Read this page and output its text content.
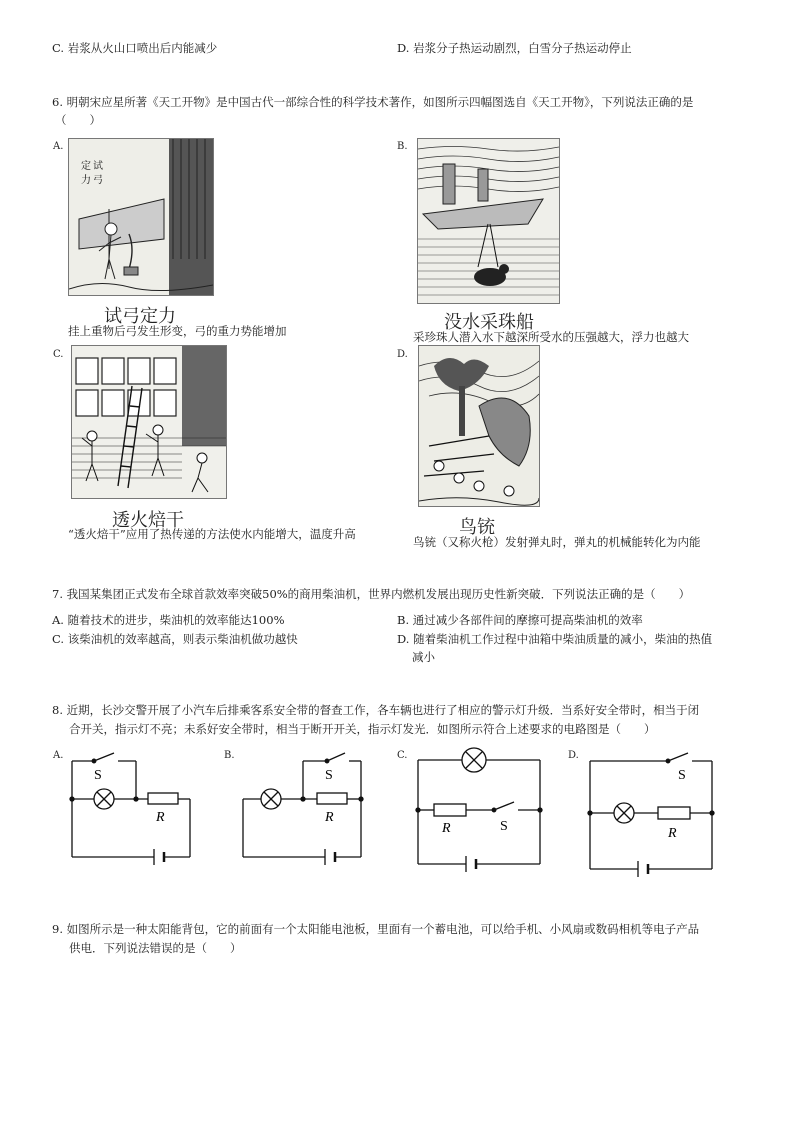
C. 岩浆从火山口喷出后内能减少	D. 岩浆分子热运动剧烈，白雪分子热运动停止
6. 明朝宋应星所著《天工开物》是中国古代一部综合性的科学技术著作，如图所示四幅图选自《天工开物》，下列说法正确的是
（　　）
A.
定
力
试
弓
试弓定力
挂上重物后弓发生形变，弓的重力势能增加
B.
没水采珠船
采珍珠人潜入水下越深所受水的压强越大，浮力也越大
C.
透火焙干
“透火焙干”应用了热传递的方法使水内能增大，温度升高
D.
鸟铳
鸟铳（又称火枪）发射弹丸时，弹丸的机械能转化为内能
7. 我国某集团正式发布全球首款效率突破50%的商用柴油机，世界内燃机发展出现历史性新突破．下列说法正确的是（　　）
A. 随着技术的进步，柴油机的效率能达100%	B. 通过减少各部件间的摩擦可提高柴油机的效率
C. 该柴油机的效率越高，则表示柴油机做功越快	D. 随着柴油机工作过程中油箱中柴油质量的减小，柴油的热值
减小
8. 近期，长沙交警开展了小汽车后排乘客系安全带的督查工作，各车辆也进行了相应的警示灯升级．当系好安全带时，相当于闭
合开关，指示灯不亮；未系好安全带时，相当于断开开关，指示灯发光．如图所示符合上述要求的电路图是（　　）
A.
S
R
B.
S
R
C.
R	S
D.
S
R
9. 如图所示是一种太阳能背包，它的前面有一个太阳能电池板，里面有一个蓄电池，可以给手机、小风扇或数码相机等电子产品
供电．下列说法错误的是（　　）
